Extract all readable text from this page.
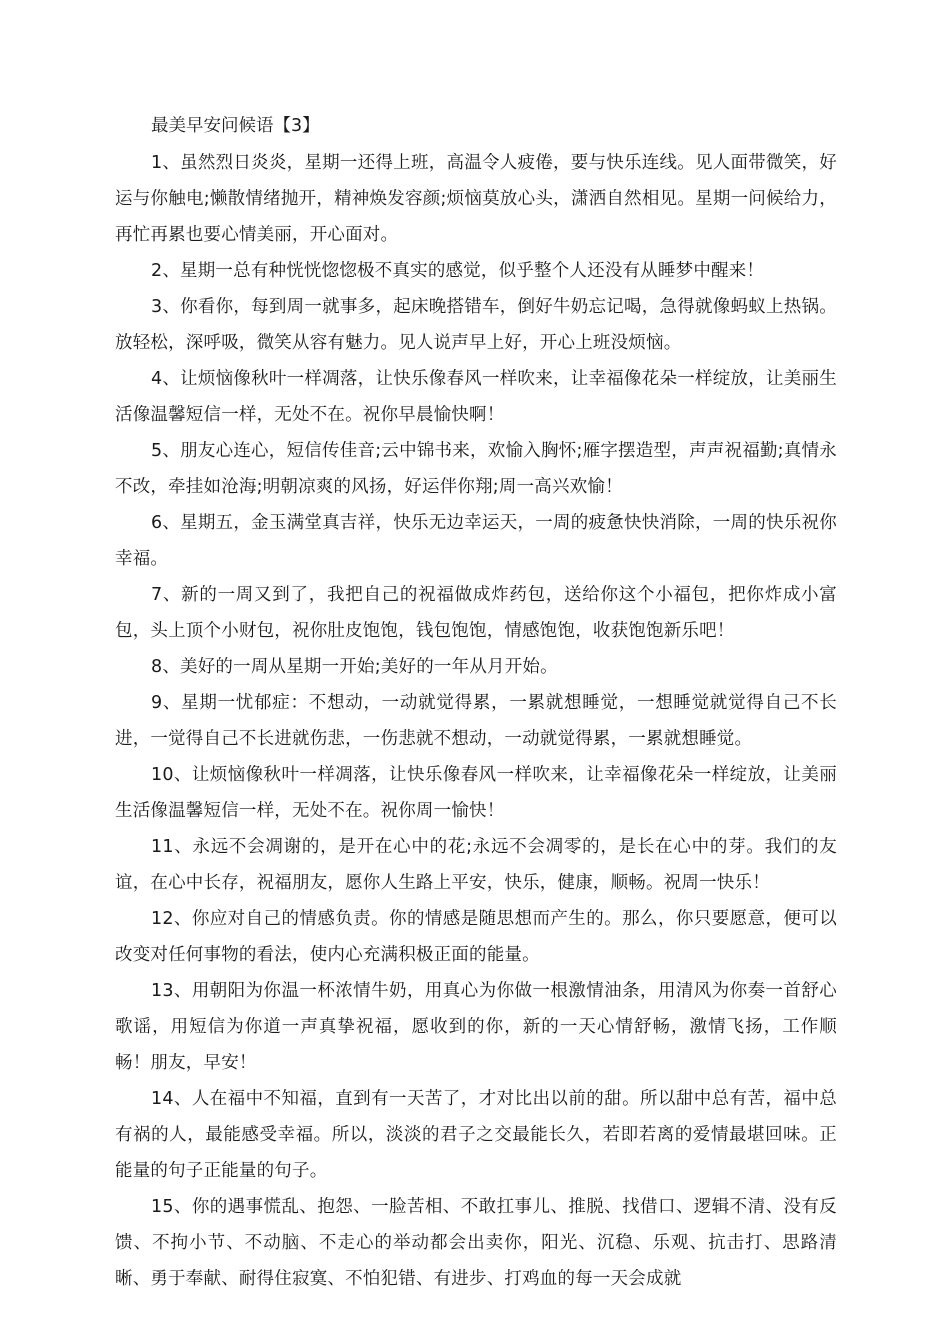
最美早安问候语【3】

1、虽然烈日炎炎，星期一还得上班，高温令人疲倦，要与快乐连线。见人面带微笑，好运与你触电;懒散情绪抛开，精神焕发容颜;烦恼莫放心头，潇洒自然相见。星期一问候给力，再忙再累也要心情美丽，开心面对。

2、星期一总有种恍恍惚惚极不真实的感觉，似乎整个人还没有从睡梦中醒来！

3、你看你，每到周一就事多，起床晚搭错车，倒好牛奶忘记喝，急得就像蚂蚁上热锅。放轻松，深呼吸，微笑从容有魅力。见人说声早上好，开心上班没烦恼。

4、让烦恼像秋叶一样凋落，让快乐像春风一样吹来，让幸福像花朵一样绽放，让美丽生活像温馨短信一样，无处不在。祝你早晨愉快啊！

5、朋友心连心，短信传佳音;云中锦书来，欢愉入胸怀;雁字摆造型，声声祝福勤;真情永不改，牵挂如沧海;明朝凉爽的风扬，好运伴你翔;周一高兴欢愉！

6、星期五，金玉满堂真吉祥，快乐无边幸运天，一周的疲惫快快消除，一周的快乐祝你幸福。

7、新的一周又到了，我把自己的祝福做成炸药包，送给你这个小福包，把你炸成小富包，头上顶个小财包，祝你肚皮饱饱，钱包饱饱，情感饱饱，收获饱饱新乐吧！

8、美好的一周从星期一开始;美好的一年从月开始。

9、星期一忧郁症：不想动，一动就觉得累，一累就想睡觉，一想睡觉就觉得自己不长进，一觉得自己不长进就伤悲，一伤悲就不想动，一动就觉得累，一累就想睡觉。

10、让烦恼像秋叶一样凋落，让快乐像春风一样吹来，让幸福像花朵一样绽放，让美丽生活像温馨短信一样，无处不在。祝你周一愉快！

11、永远不会凋谢的，是开在心中的花;永远不会凋零的，是长在心中的芽。我们的友谊，在心中长存，祝福朋友，愿你人生路上平安，快乐，健康，顺畅。祝周一快乐！

12、你应对自己的情感负责。你的情感是随思想而产生的。那么，你只要愿意，便可以改变对任何事物的看法，使内心充满积极正面的能量。

13、用朝阳为你温一杯浓情牛奶，用真心为你做一根激情油条，用清风为你奏一首舒心歌谣，用短信为你道一声真挚祝福，愿收到的你，新的一天心情舒畅，激情飞扬，工作顺畅！朋友，早安！

14、人在福中不知福，直到有一天苦了，才对比出以前的甜。所以甜中总有苦，福中总有祸的人，最能感受幸福。所以，淡淡的君子之交最能长久，若即若离的爱情最堪回味。正能量的句子正能量的句子。

15、你的遇事慌乱、抱怨、一脸苦相、不敢扛事儿、推脱、找借口、逻辑不清、没有反馈、不拘小节、不动脑、不走心的举动都会出卖你，阳光、沉稳、乐观、抗击打、思路清晰、勇于奉献、耐得住寂寞、不怕犯错、有进步、打鸡血的每一天会成就
